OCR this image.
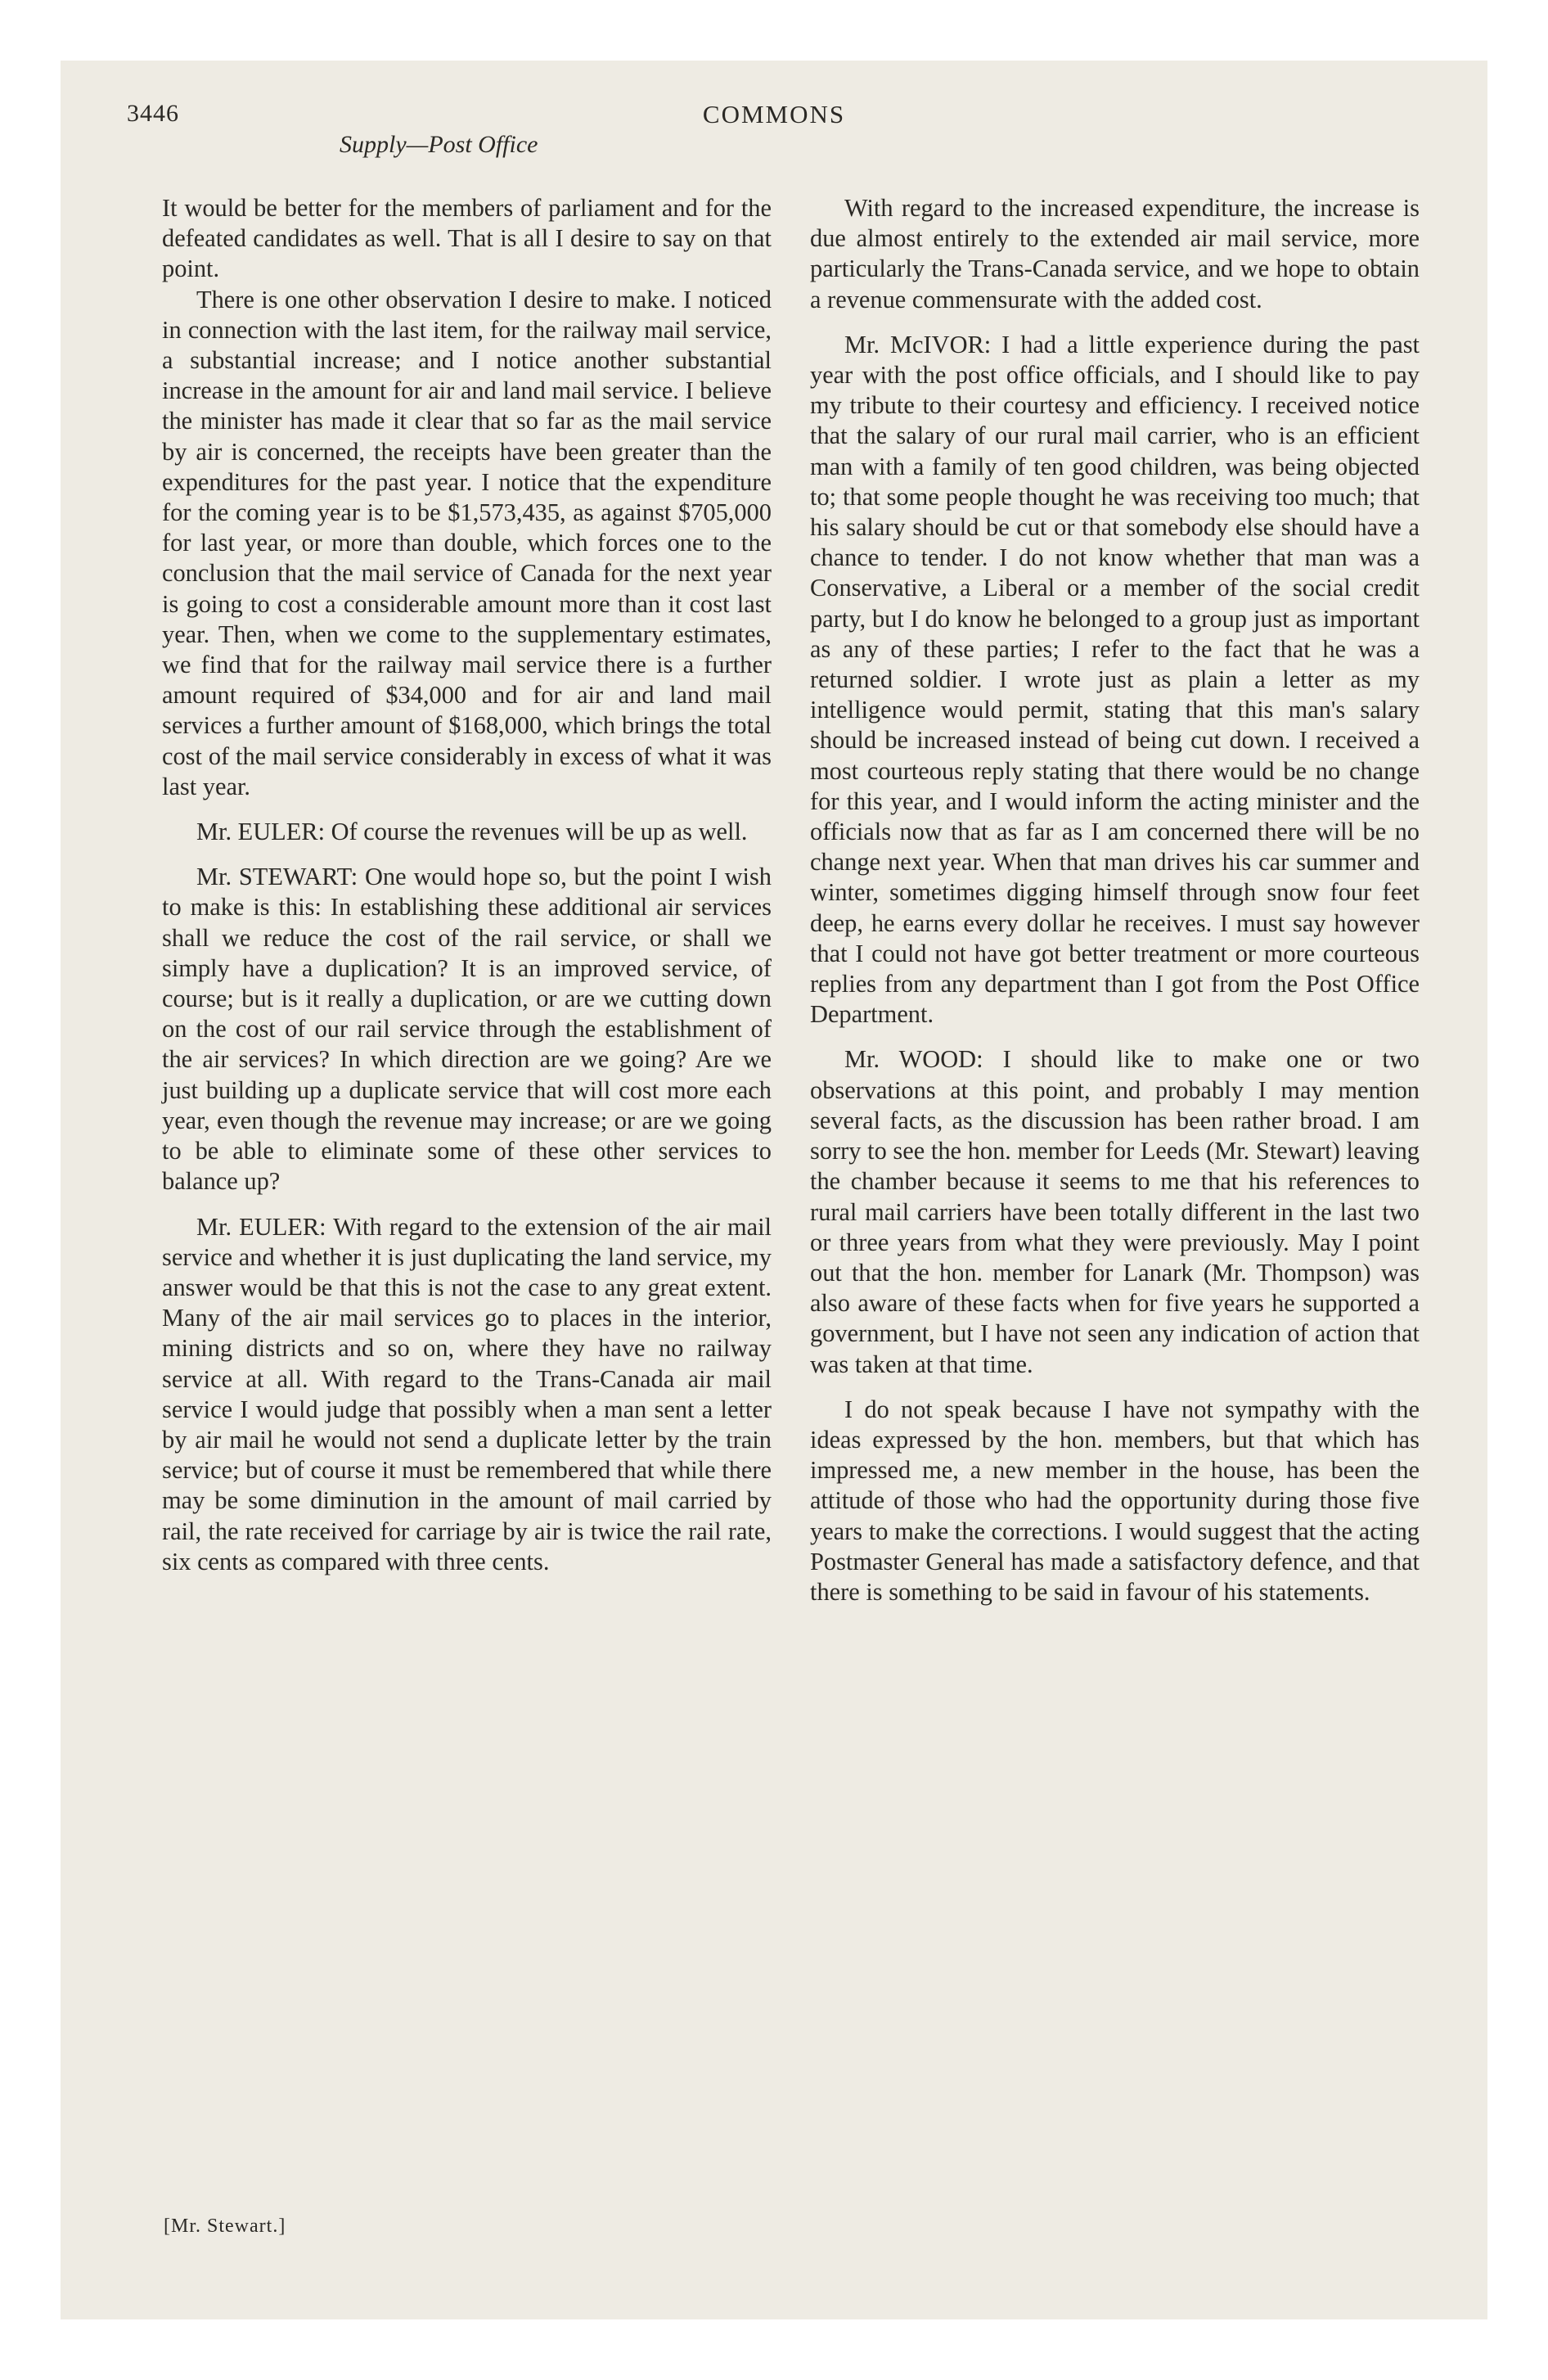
3446	COMMONS
Supply—Post Office

It would be better for the members of parliament and for the defeated candidates as well. That is all I desire to say on that point.

There is one other observation I desire to make. I noticed in connection with the last item, for the railway mail service, a substantial increase; and I notice another substantial increase in the amount for air and land mail service. I believe the minister has made it clear that so far as the mail service by air is concerned, the receipts have been greater than the expenditures for the past year. I notice that the expenditure for the coming year is to be $1,573,435, as against $705,000 for last year, or more than double, which forces one to the conclusion that the mail service of Canada for the next year is going to cost a considerable amount more than it cost last year. Then, when we come to the supplementary estimates, we find that for the railway mail service there is a further amount required of $34,000 and for air and land mail services a further amount of $168,000, which brings the total cost of the mail service considerably in excess of what it was last year.

Mr. EULER: Of course the revenues will be up as well.

Mr. STEWART: One would hope so, but the point I wish to make is this: In establishing these additional air services shall we reduce the cost of the rail service, or shall we simply have a duplication? It is an improved service, of course; but is it really a duplication, or are we cutting down on the cost of our rail service through the establishment of the air services? In which direction are we going? Are we just building up a duplicate service that will cost more each year, even though the revenue may increase; or are we going to be able to eliminate some of these other services to balance up?

Mr. EULER: With regard to the extension of the air mail service and whether it is just duplicating the land service, my answer would be that this is not the case to any great extent. Many of the air mail services go to places in the interior, mining districts and so on, where they have no railway service at all. With regard to the Trans-Canada air mail service I would judge that possibly when a man sent a letter by air mail he would not send a duplicate letter by the train service; but of course it must be remembered that while there may be some diminution in the amount of mail carried by rail, the rate received for carriage by air is twice the rail rate, six cents as compared with three cents.

With regard to the increased expenditure, the increase is due almost entirely to the extended air mail service, more particularly the Trans-Canada service, and we hope to obtain a revenue commensurate with the added cost.

Mr. McIVOR: I had a little experience during the past year with the post office officials, and I should like to pay my tribute to their courtesy and efficiency. I received notice that the salary of our rural mail carrier, who is an efficient man with a family of ten good children, was being objected to; that some people thought he was receiving too much; that his salary should be cut or that somebody else should have a chance to tender. I do not know whether that man was a Conservative, a Liberal or a member of the social credit party, but I do know he belonged to a group just as important as any of these parties; I refer to the fact that he was a returned soldier. I wrote just as plain a letter as my intelligence would permit, stating that this man's salary should be increased instead of being cut down. I received a most courteous reply stating that there would be no change for this year, and I would inform the acting minister and the officials now that as far as I am concerned there will be no change next year. When that man drives his car summer and winter, sometimes digging himself through snow four feet deep, he earns every dollar he receives. I must say however that I could not have got better treatment or more courteous replies from any department than I got from the Post Office Department.

Mr. WOOD: I should like to make one or two observations at this point, and probably I may mention several facts, as the discussion has been rather broad. I am sorry to see the hon. member for Leeds (Mr. Stewart) leaving the chamber because it seems to me that his references to rural mail carriers have been totally different in the last two or three years from what they were previously. May I point out that the hon. member for Lanark (Mr. Thompson) was also aware of these facts when for five years he supported a government, but I have not seen any indication of action that was taken at that time.

I do not speak because I have not sympathy with the ideas expressed by the hon. members, but that which has impressed me, a new member in the house, has been the attitude of those who had the opportunity during those five years to make the corrections. I would suggest that the acting Postmaster General has made a satisfactory defence, and that there is something to be said in favour of his statements.

[Mr. Stewart.]
